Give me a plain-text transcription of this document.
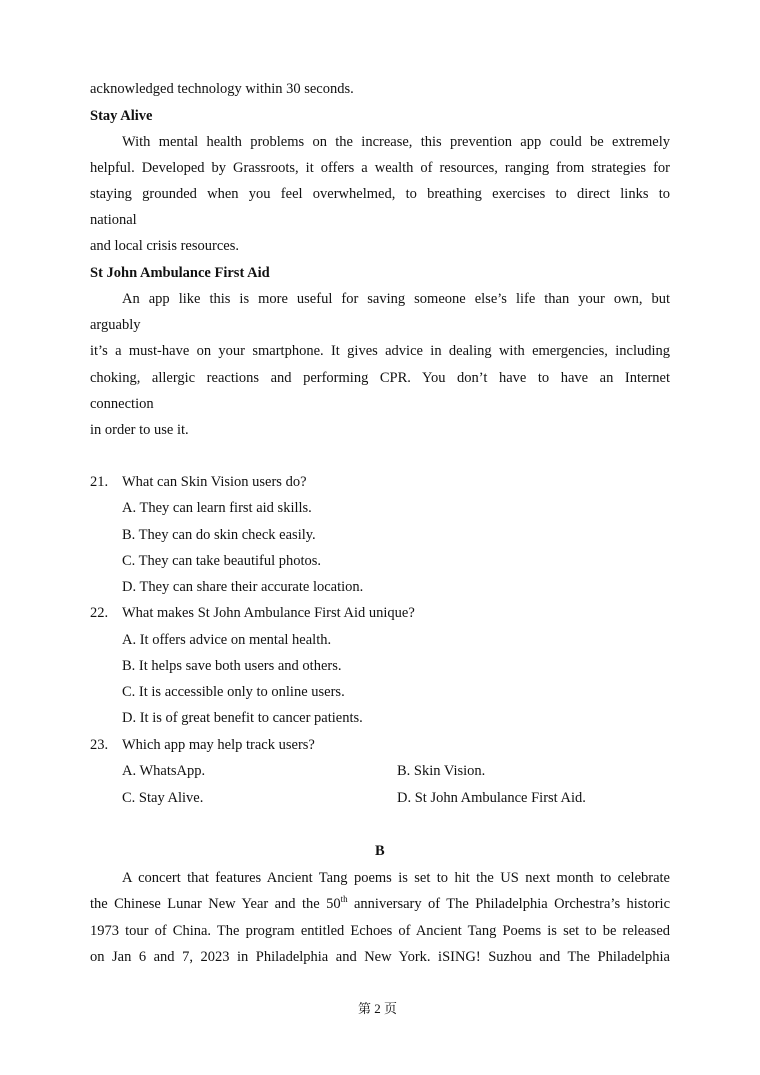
acknowledged technology within 30 seconds.
Stay Alive
With mental health problems on the increase, this prevention app could be extremely
helpful. Developed by Grassroots, it offers a wealth of resources, ranging from strategies for
staying grounded when you feel overwhelmed, to breathing exercises to direct links to
national
and local crisis resources.
St John Ambulance First Aid
An app like this is more useful for saving someone else’s life than your own, but
arguably
it’s a must-have on your smartphone. It gives advice in dealing with emergencies, including
choking, allergic reactions and performing CPR. You don’t have to have an Internet
connection
in order to use it.
21. What can Skin Vision users do?
A. They can learn first aid skills.
B. They can do skin check easily.
C. They can take beautiful photos.
D. They can share their accurate location.
22. What makes St John Ambulance First Aid unique?
A. It offers advice on mental health.
B. It helps save both users and others.
C. It is accessible only to online users.
D. It is of great benefit to cancer patients.
23. Which app may help track users?
A. WhatsApp.	B. Skin Vision.
C. Stay Alive.	D. St John Ambulance First Aid.
B
A concert that features Ancient Tang poems is set to hit the US next month to celebrate
the Chinese Lunar New Year and the 50th anniversary of The Philadelphia Orchestra’s historic
1973 tour of China. The program entitled Echoes of Ancient Tang Poems is set to be released
on Jan 6 and 7, 2023 in Philadelphia and New York. iSING! Suzhou and The Philadelphia
第 2 页
